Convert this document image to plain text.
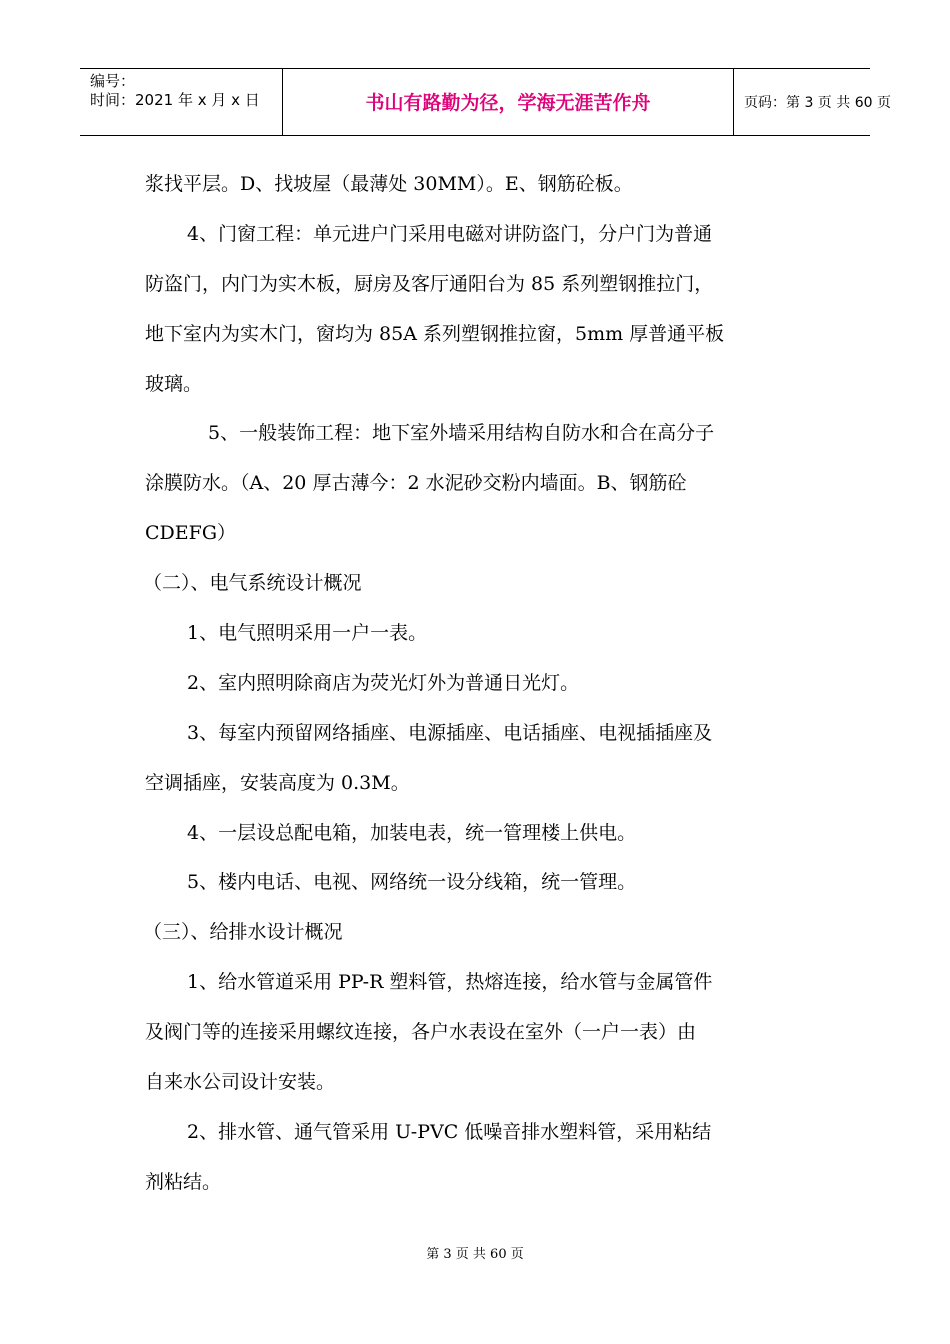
编号：
时间：2021 年 x 月 x 日	书山有路勤为径，学海无涯苦作舟	页码：第 3 页 共 60 页
浆找平层。D、找坡屋（最薄处 30MM）。E、钢筋砼板。
4、门窗工程：单元进户门采用电磁对讲防盗门，分户门为普通
防盗门，内门为实木板，厨房及客厅通阳台为 85 系列塑钢推拉门，
地下室内为实木门，窗均为 85A 系列塑钢推拉窗，5mm 厚普通平板
玻璃。
5、一般装饰工程：地下室外墙采用结构自防水和合在高分子
涂膜防水。（A、20 厚古薄今：2 水泥砂交粉内墙面。B、钢筋砼
CDEFG）
（二）、电气系统设计概况
1、电气照明采用一户一表。
2、室内照明除商店为荧光灯外为普通日光灯。
3、每室内预留网络插座、电源插座、电话插座、电视插插座及
空调插座，安装高度为 0.3M。
4、一层设总配电箱，加装电表，统一管理楼上供电。
5、楼内电话、电视、网络统一设分线箱，统一管理。
（三）、给排水设计概况
1、给水管道采用 PP-R 塑料管，热熔连接，给水管与金属管件
及阀门等的连接采用螺纹连接，各户水表设在室外（一户一表）由
自来水公司设计安装。
2、排水管、通气管采用 U-PVC 低噪音排水塑料管，采用粘结
剂粘结。
第 3 页 共 60 页
